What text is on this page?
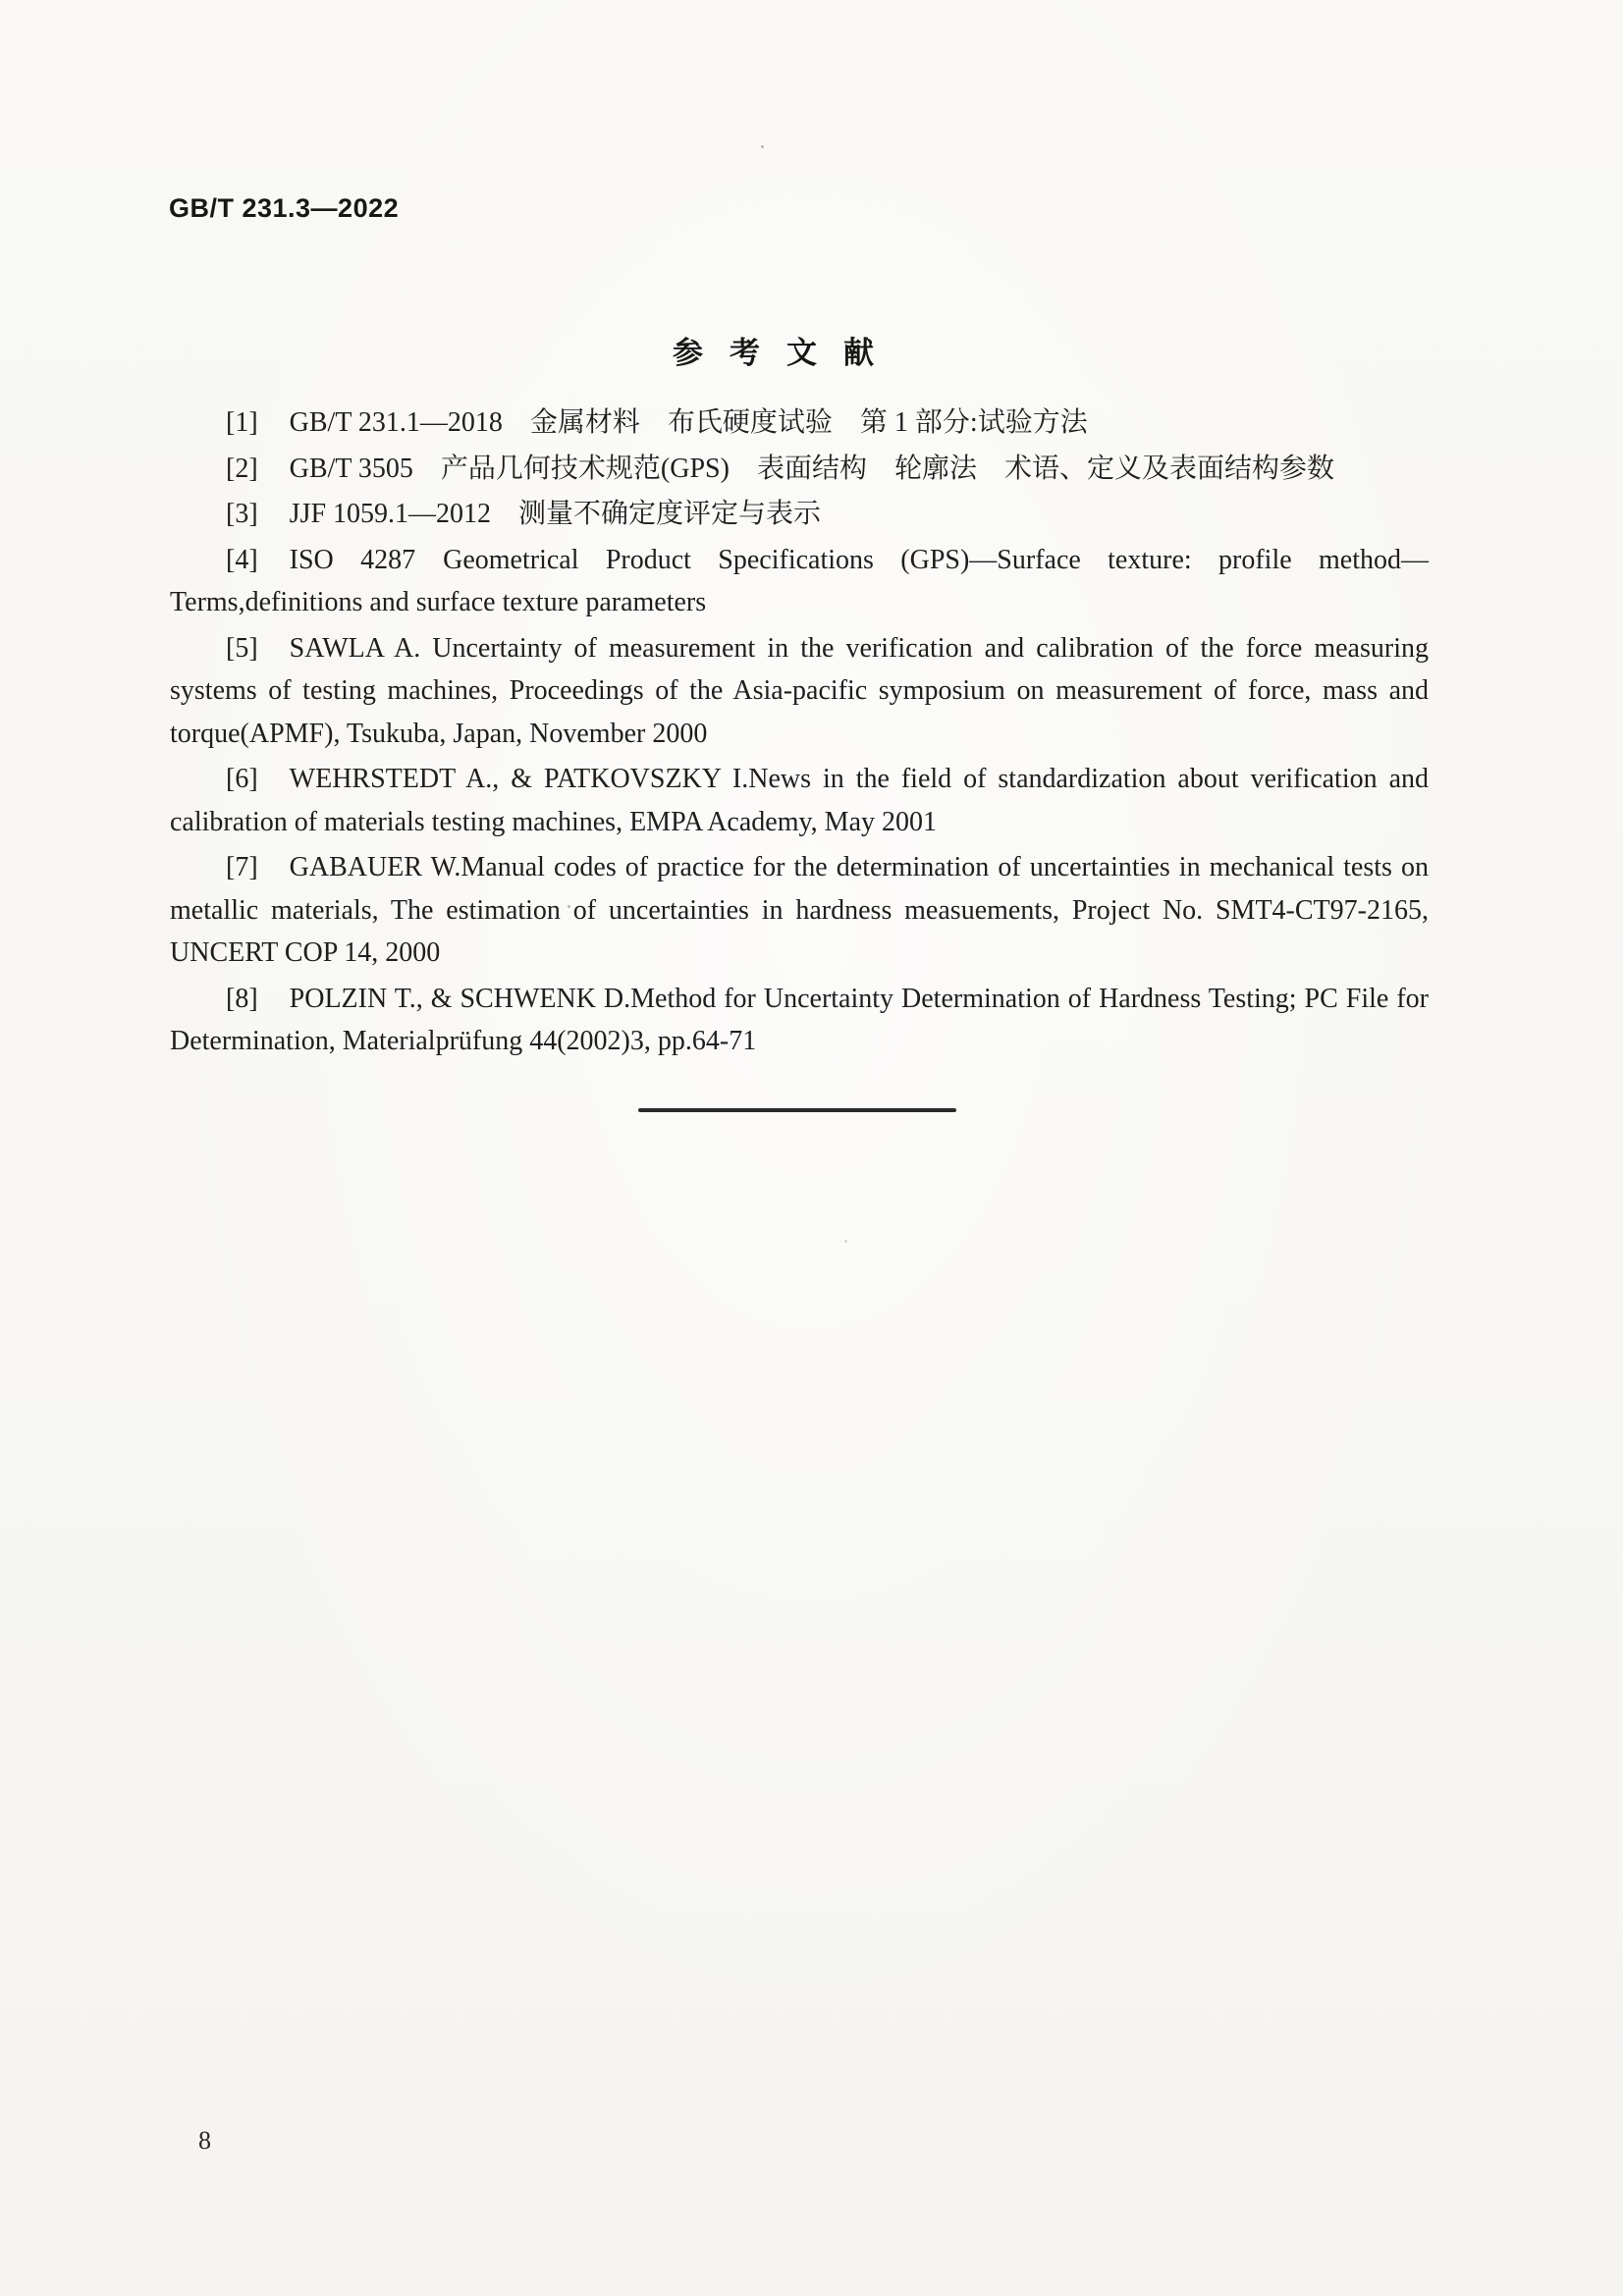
GB/T 231.3—2022
参考文献

[1] GB/T 231.1—2018 金属材料 布氏硬度试验 第 1 部分:试验方法

[2] GB/T 3505 产品几何技术规范(GPS) 表面结构 轮廓法 术语、定义及表面结构参数

[3] JJF 1059.1—2012 测量不确定度评定与表示

[4] ISO 4287 Geometrical Product Specifications (GPS)—Surface texture: profile method—Terms,definitions and surface texture parameters

[5] SAWLA A. Uncertainty of measurement in the verification and calibration of the force measuring systems of testing machines, Proceedings of the Asia-pacific symposium on measurement of force, mass and torque(APMF), Tsukuba, Japan, November 2000

[6] WEHRSTEDT A., & PATKOVSZKY I.News in the field of standardization about verification and calibration of materials testing machines, EMPA Academy, May 2001

[7] GABAUER W.Manual codes of practice for the determination of uncertainties in mechanical tests on metallic materials, The estimation of uncertainties in hardness measuements, Project No. SMT4-CT97-2165, UNCERT COP 14, 2000

[8] POLZIN T., & SCHWENK D.Method for Uncertainty Determination of Hardness Testing; PC File for Determination, Materialprüfung 44(2002)3, pp.64-71

8
